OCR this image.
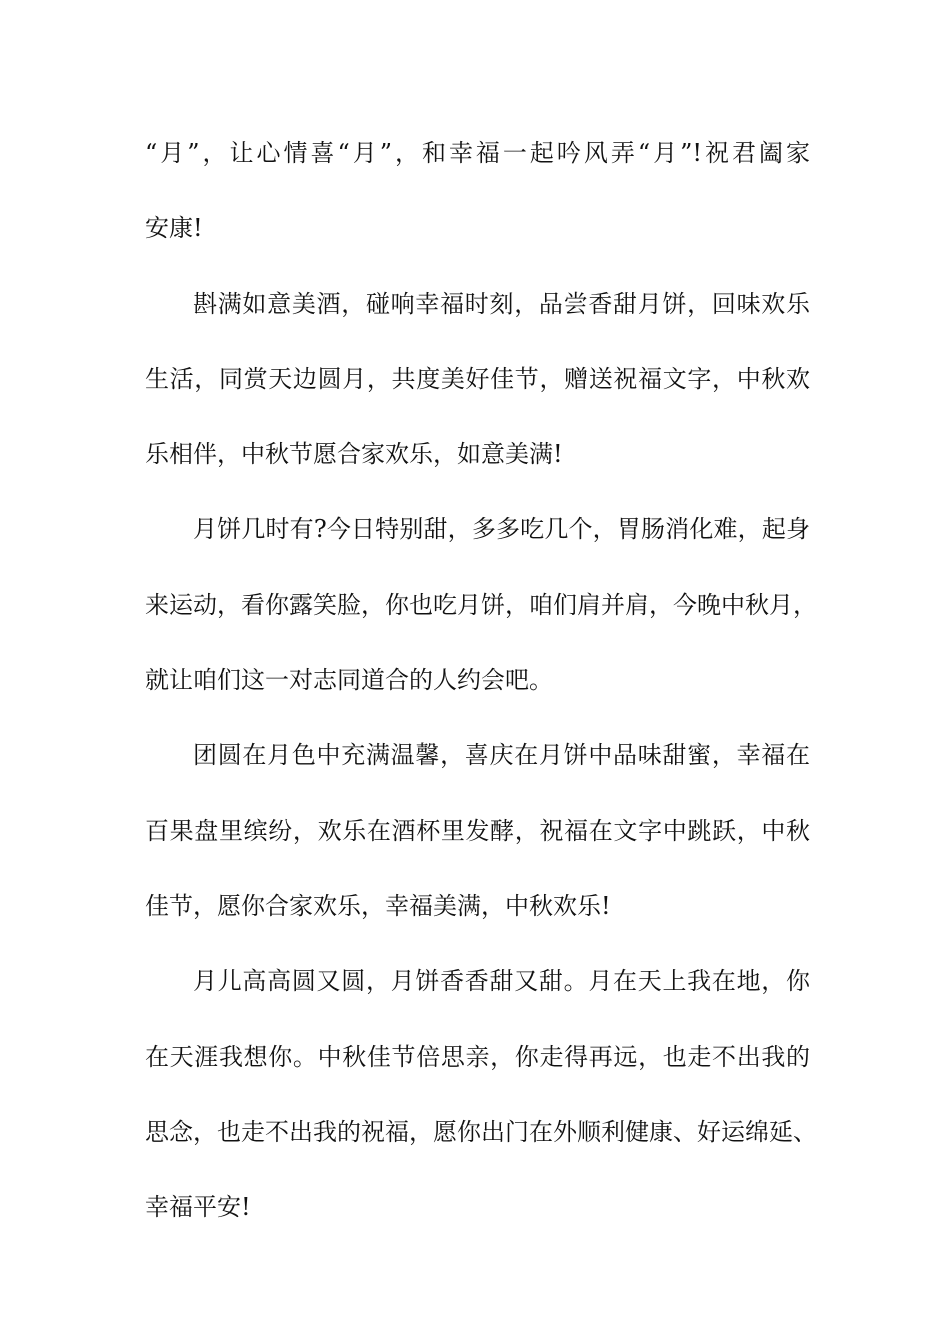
“月”，让心情喜“月”，和幸福一起吟风弄“月”!祝君阖家
安康!
斟满如意美酒，碰响幸福时刻，品尝香甜月饼，回味欢乐
生活，同赏天边圆月，共度美好佳节，赠送祝福文字，中秋欢
乐相伴，中秋节愿合家欢乐，如意美满!
月饼几时有?今日特别甜，多多吃几个，胃肠消化难，起身
来运动，看你露笑脸，你也吃月饼，咱们肩并肩，今晚中秋月，
就让咱们这一对志同道合的人约会吧。
团圆在月色中充满温馨，喜庆在月饼中品味甜蜜，幸福在
百果盘里缤纷，欢乐在酒杯里发酵，祝福在文字中跳跃，中秋
佳节，愿你合家欢乐，幸福美满，中秋欢乐!
月儿高高圆又圆，月饼香香甜又甜。月在天上我在地，你
在天涯我想你。中秋佳节倍思亲，你走得再远，也走不出我的
思念，也走不出我的祝福，愿你出门在外顺利健康、好运绵延、
幸福平安!
